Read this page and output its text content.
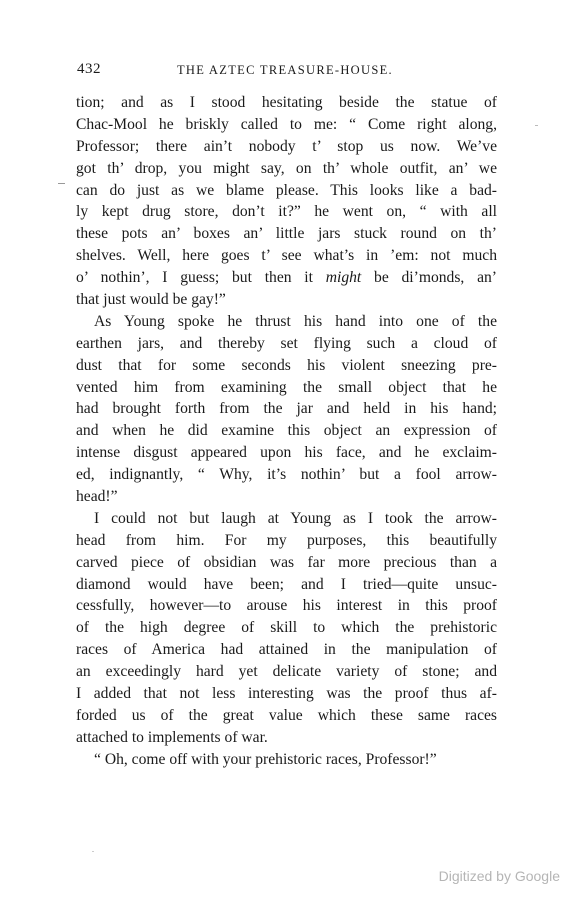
432	THE AZTEC TREASURE-HOUSE.
tion; and as I stood hesitating beside the statue of
Chac-Mool he briskly called to me: “ Come right along,
Professor; there ain’t nobody t’ stop us now. We’ve
got th’ drop, you might say, on th’ whole outfit, an’ we
can do just as we blame please. This looks like a bad-
ly kept drug store, don’t it?” he went on, “ with all
these pots an’ boxes an’ little jars stuck round on th’
shelves. Well, here goes t’ see what’s in ’em: not much
o’ nothin’, I guess; but then it might be di’monds, an’
that just would be gay!”
As Young spoke he thrust his hand into one of the
earthen jars, and thereby set flying such a cloud of
dust that for some seconds his violent sneezing pre-
vented him from examining the small object that he
had brought forth from the jar and held in his hand;
and when he did examine this object an expression of
intense disgust appeared upon his face, and he exclaim-
ed, indignantly, “ Why, it’s nothin’ but a fool arrow-
head!”
I could not but laugh at Young as I took the arrow-
head from him. For my purposes, this beautifully
carved piece of obsidian was far more precious than a
diamond would have been; and I tried—quite unsuc-
cessfully, however—to arouse his interest in this proof
of the high degree of skill to which the prehistoric
races of America had attained in the manipulation of
an exceedingly hard yet delicate variety of stone; and
I added that not less interesting was the proof thus af-
forded us of the great value which these same races
attached to implements of war.
“ Oh, come off with your prehistoric races, Professor!”
Digitized by Google
